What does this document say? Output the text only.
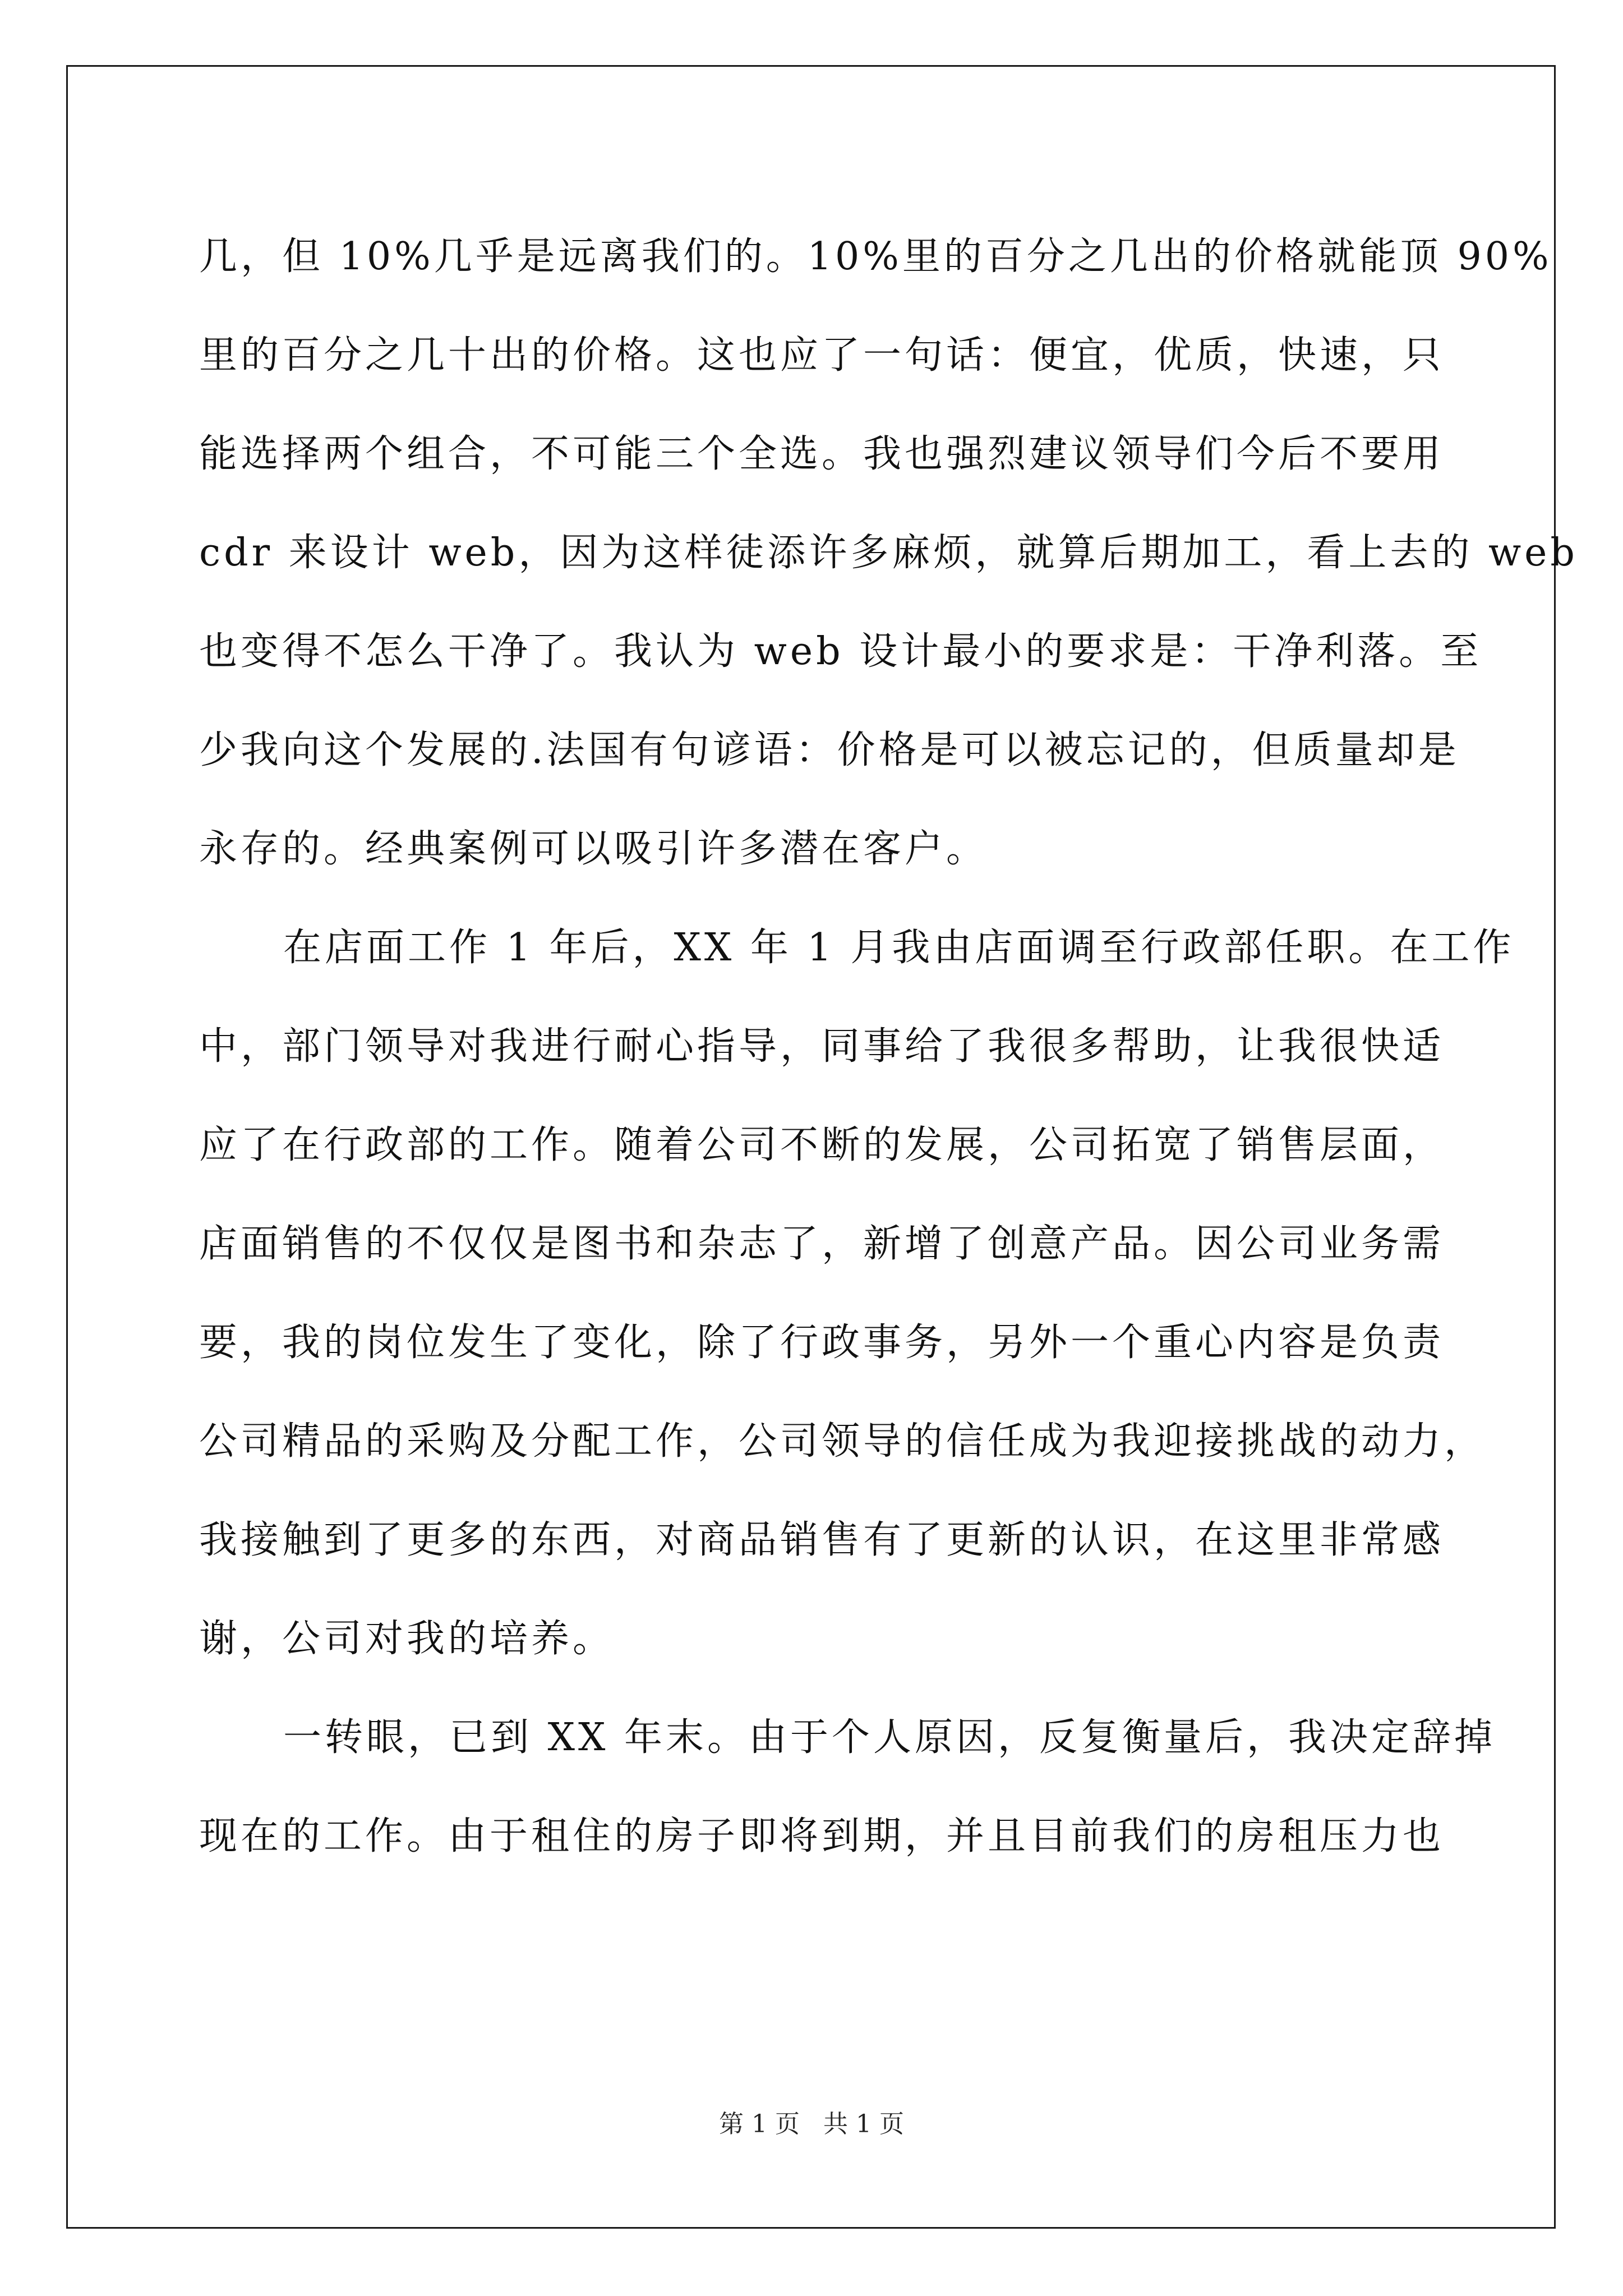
几，但 10%几乎是远离我们的。10%里的百分之几出的价格就能顶 90%
里的百分之几十出的价格。这也应了一句话：便宜，优质，快速，只
能选择两个组合，不可能三个全选。我也强烈建议领导们今后不要用
cdr 来设计 web，因为这样徒添许多麻烦，就算后期加工，看上去的 web
也变得不怎么干净了。我认为 web 设计最小的要求是：干净利落。至
少我向这个发展的.法国有句谚语：价格是可以被忘记的，但质量却是
永存的。经典案例可以吸引许多潜在客户。

在店面工作 1 年后，XX 年 1 月我由店面调至行政部任职。在工作
中，部门领导对我进行耐心指导，同事给了我很多帮助，让我很快适
应了在行政部的工作。随着公司不断的发展，公司拓宽了销售层面，
店面销售的不仅仅是图书和杂志了，新增了创意产品。因公司业务需
要，我的岗位发生了变化，除了行政事务，另外一个重心内容是负责
公司精品的采购及分配工作，公司领导的信任成为我迎接挑战的动力，
我接触到了更多的东西，对商品销售有了更新的认识，在这里非常感
谢，公司对我的培养。

一转眼，已到 XX 年末。由于个人原因，反复衡量后，我决定辞掉
现在的工作。由于租住的房子即将到期，并且目前我们的房租压力也

第 1 页 共 1 页
